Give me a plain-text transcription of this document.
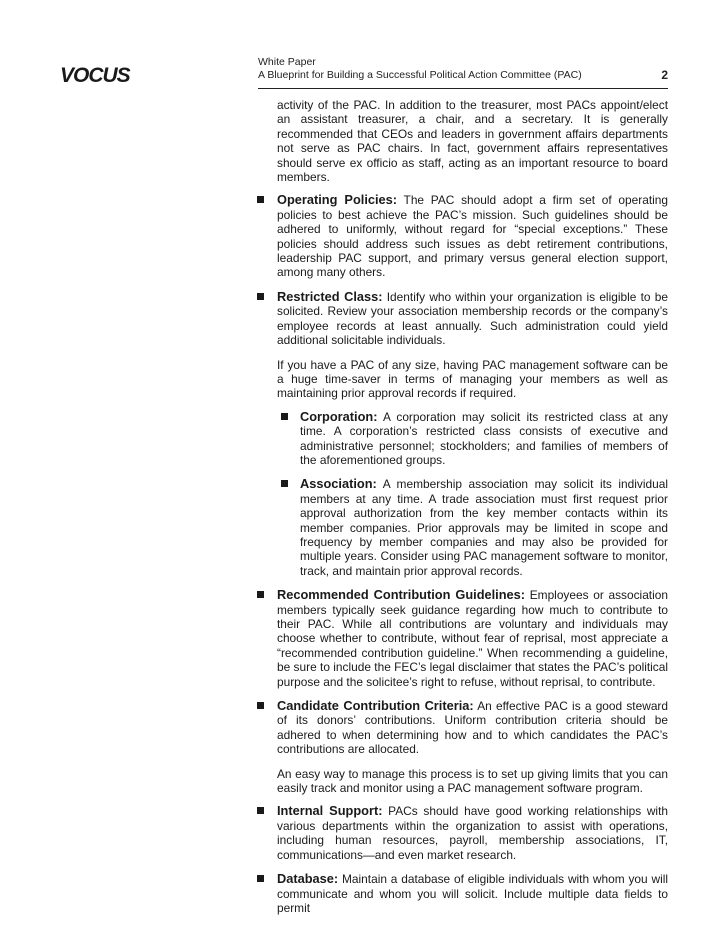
VOCUS
White Paper
A Blueprint for Building a Successful Political Action Committee (PAC)	2

activity of the PAC. In addition to the treasurer, most PACs appoint/elect an assistant treasurer, a chair, and a secretary. It is generally recommended that CEOs and leaders in government affairs departments not serve as PAC chairs. In fact, government affairs representatives should serve ex officio as staff, acting as an important resource to board members.

Operating Policies: The PAC should adopt a firm set of operating policies to best achieve the PAC’s mission. Such guidelines should be adhered to uniformly, without regard for “special exceptions.” These policies should address such issues as debt retirement contributions, leadership PAC support, and primary versus general election support, among many others.
Restricted Class: Identify who within your organization is eligible to be solicited. Review your association membership records or the company’s employee records at least annually. Such administration could yield additional solicitable individuals.

If you have a PAC of any size, having PAC management software can be a huge time-saver in terms of managing your members as well as maintaining prior approval records if required.

Corporation: A corporation may solicit its restricted class at any time. A corporation’s restricted class consists of executive and administrative personnel; stockholders; and families of members of the aforementioned groups.
Association: A membership association may solicit its individual members at any time. A trade association must first request prior approval authorization from the key member contacts within its member companies. Prior approvals may be limited in scope and frequency by member companies and may also be provided for multiple years. Consider using PAC management software to monitor, track, and maintain prior approval records.
Recommended Contribution Guidelines: Employees or association members typically seek guidance regarding how much to contribute to their PAC. While all contributions are voluntary and individuals may choose whether to contribute, without fear of reprisal, most appreciate a “recommended contribution guideline.” When recommending a guideline, be sure to include the FEC’s legal disclaimer that states the PAC’s political purpose and the solicitee’s right to refuse, without reprisal, to contribute.
Candidate Contribution Criteria: An effective PAC is a good steward of its donors’ contributions. Uniform contribution criteria should be adhered to when determining how and to which candidates the PAC’s contributions are allocated.

An easy way to manage this process is to set up giving limits that you can easily track and monitor using a PAC management software program.

Internal Support: PACs should have good working relationships with various departments within the organization to assist with operations, including human resources, payroll, membership associations, IT, communications—and even market research.
Database: Maintain a database of eligible individuals with whom you will communicate and whom you will solicit. Include multiple data fields to permit
